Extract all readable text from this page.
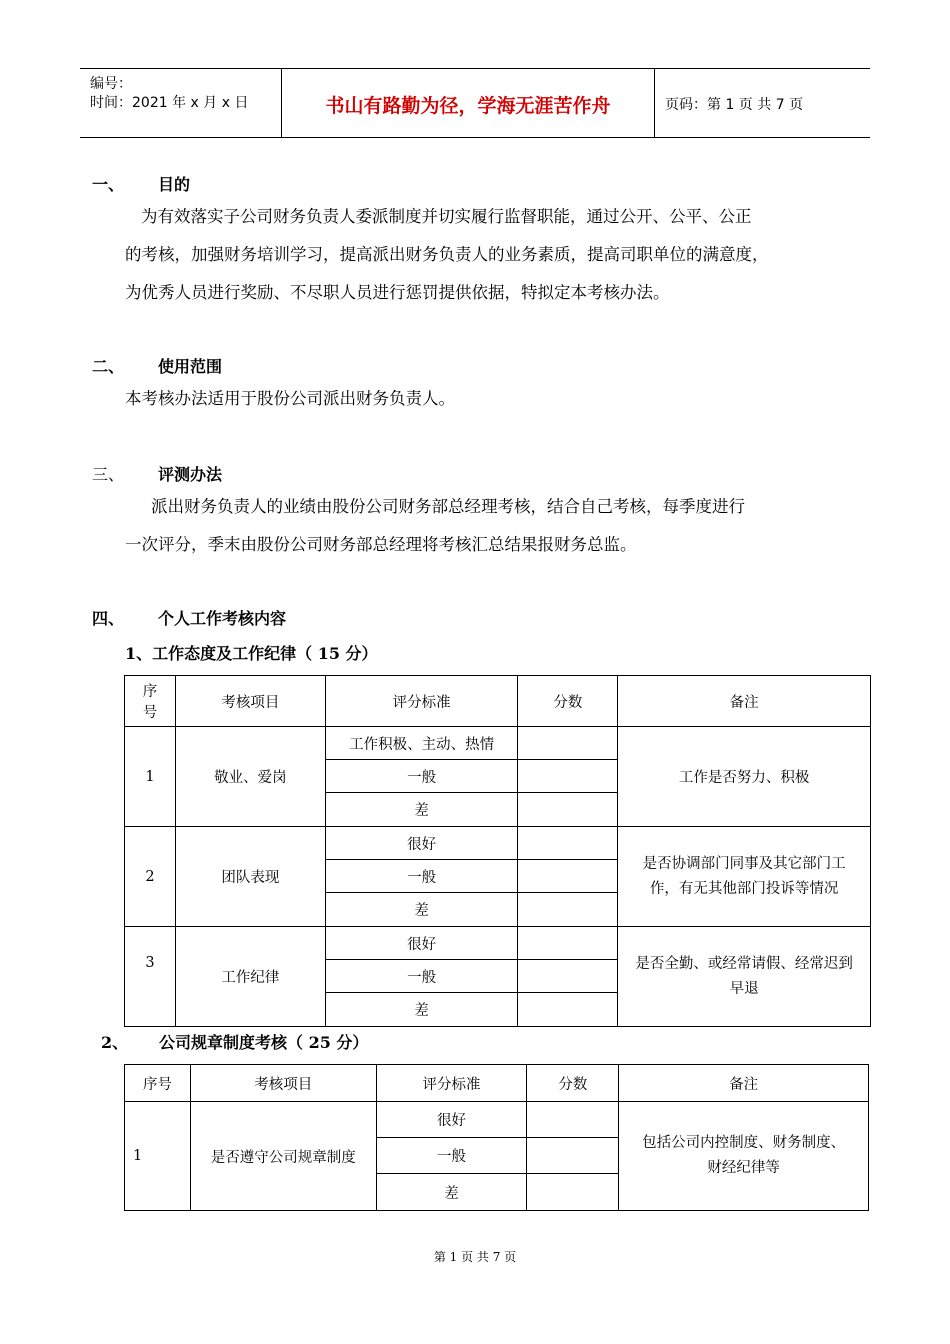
编号：
时间：2021 年 x 月 x 日	书山有路勤为径，学海无涯苦作舟	页码：第 1 页 共 7 页
一、 目的
为有效落实子公司财务负责人委派制度并切实履行监督职能，通过公开、公平、公正
的考核，加强财务培训学习，提高派出财务负责人的业务素质，提高司职单位的满意度，
为优秀人员进行奖励、不尽职人员进行惩罚提供依据，特拟定本考核办法。
二、 使用范围
本考核办法适用于股份公司派出财务负责人。
三、 评测办法
派出财务负责人的业绩由股份公司财务部总经理考核，结合自己考核，每季度进行
一次评分，季末由股份公司财务部总经理将考核汇总结果报财务总监。
四、 个人工作考核内容
1、工作态度及工作纪律（ 15 分）
序号	考核项目	评分标准	分数	备注
1	敬业、爱岗	工作积极、主动、热情		工作是否努力、积极
		一般		
		差		
2	团队表现	很好		是否协调部门同事及其它部门工作，有无其他部门投诉等情况
		一般		
		差		
3	工作纪律	很好		是否全勤、或经常请假、经常迟到早退
		一般		
		差		
2、 公司规章制度考核（ 25 分）
序号	考核项目	评分标准	分数	备注
1	是否遵守公司规章制度	很好		包括公司内控制度、财务制度、财经纪律等
		一般		
		差		
第 1 页 共 7 页
